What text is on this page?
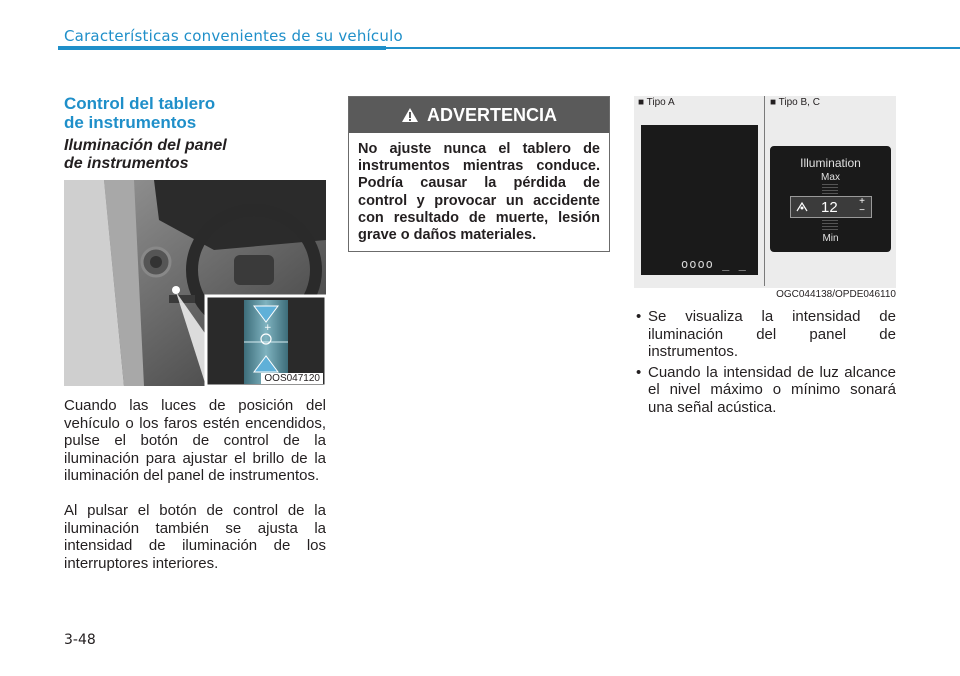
Características convenientes de su vehículo
Control del tablero
de instrumentos
Iluminación del panel
de instrumentos
+
OOS047120

Cuando las luces de posición del vehículo o los faros estén encendidos, pulse el botón de control de la iluminación para ajustar el brillo de la iluminación del panel de instrumentos.

Al pulsar el botón de control de la iluminación también se ajusta la intensidad de iluminación de los interruptores interiores.

ADVERTENCIA

No ajuste nunca el tablero de instrumentos mientras conduce. Podría causar la pérdida de control y provocar un accidente con resultado de muerte, lesión grave o daños materiales.

■ Tipo A	■ Tipo B, C
oooo _ _
Illumination
Max
12 +
−
Min
OGC044138/OPDE046110
• Se visualiza la intensidad de iluminación del panel de instrumentos.
• Cuando la intensidad de luz alcance el nivel máximo o mínimo sonará una señal acústica.
3-48
